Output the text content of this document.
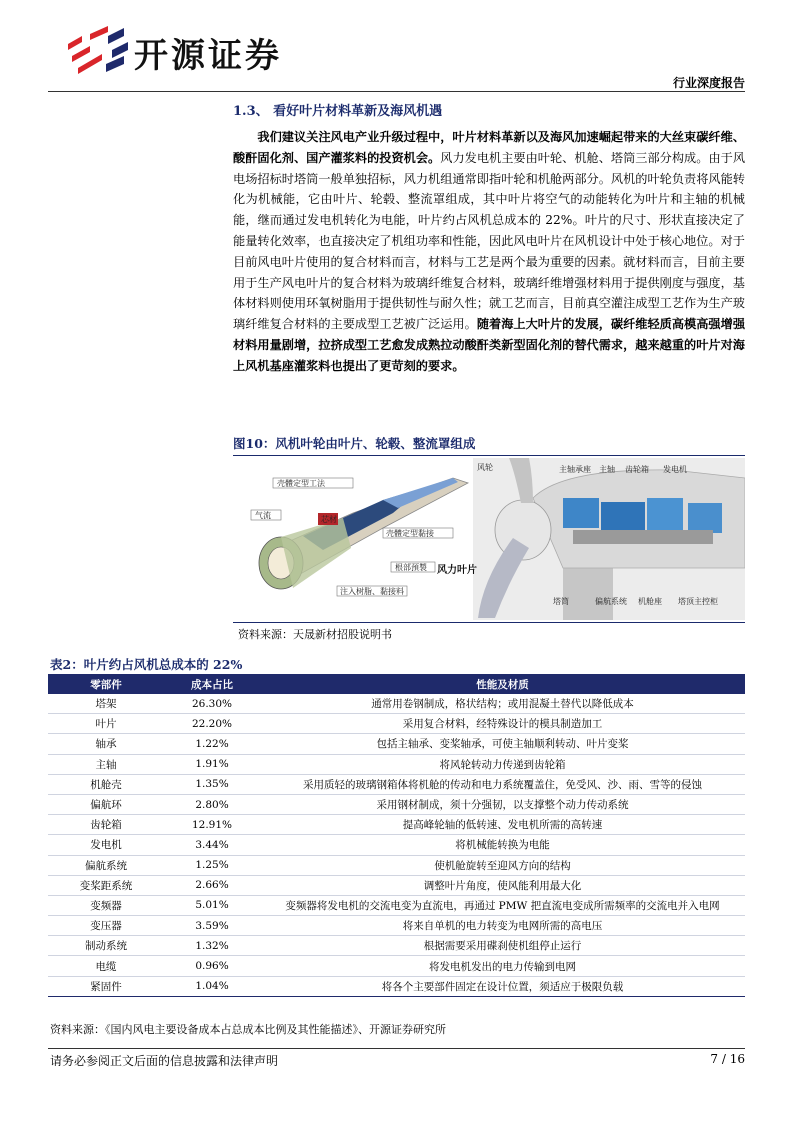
开源证券
行业深度报告
1.3、 看好叶片材料革新及海风机遇
我们建议关注风电产业升级过程中，叶片材料革新以及海风加速崛起带来的大丝束碳纤维、酸酐固化剂、国产灌浆料的投资机会。风力发电机主要由叶轮、机舱、塔筒三部分构成。由于风电场招标时塔筒一般单独招标，风力机组通常即指叶轮和机舱两部分。风机的叶轮负责将风能转化为机械能，它由叶片、轮毂、整流罩组成，其中叶片将空气的动能转化为叶片和主轴的机械能，继而通过发电机转化为电能，叶片约占风机总成本的 22%。叶片的尺寸、形状直接决定了能量转化效率，也直接决定了机组功率和性能，因此风电叶片在风机设计中处于核心地位。对于目前风电叶片使用的复合材料而言，材料与工艺是两个最为重要的因素。就材料而言，目前主要用于生产风电叶片的复合材料为玻璃纤维复合材料，玻璃纤维增强材料用于提供刚度与强度，基体材料则使用环氧树脂用于提供韧性与耐久性；就工艺而言，目前真空灌注成型工艺作为生产玻璃纤维复合材料的主要成型工艺被广泛运用。随着海上大叶片的发展，碳纤维轻质高模高强增强材料用量剧增，拉挤成型工艺愈发成熟拉动酸酐类新型固化剂的替代需求，越来越重的叶片对海上风机基座灌浆料也提出了更苛刻的要求。
图10：风机叶轮由叶片、轮毂、整流罩组成
壳體定型工法
芯材
气流
壳體定型黏接
根部預製
注入树脂、黏接料
风轮	主轴承座 主轴 齿轮箱 发电机
风力叶片
塔筒	偏航系统 机舱座 塔顶主控柜
资料来源：天晟新材招股说明书
表2：叶片约占风机总成本的 22%
零部件	成本占比	性能及材质
塔架	26.30%	通常用卷钢制成，格状结构；或用混凝土替代以降低成本
叶片	22.20%	采用复合材料，经特殊设计的模具制造加工
轴承	1.22%	包括主轴承、变桨轴承，可使主轴顺利转动、叶片变桨
主轴	1.91%	将风轮转动力传递到齿轮箱
机舱壳	1.35%	采用质轻的玻璃钢箱体将机舱的传动和电力系统覆盖住，免受风、沙、雨、雪等的侵蚀
偏航环	2.80%	采用钢材制成，须十分强韧，以支撑整个动力传动系统
齿轮箱	12.91%	提高峰轮轴的低转速、发电机所需的高转速
发电机	3.44%	将机械能转换为电能
偏航系统	1.25%	使机舱旋转至迎风方向的结构
变桨距系统	2.66%	调整叶片角度，使风能利用最大化
变频器	5.01%	变频器将发电机的交流电变为直流电，再通过 PMW 把直流电变成所需频率的交流电并入电网
变压器	3.59%	将来自单机的电力转变为电网所需的高电压
制动系统	1.32%	根据需要采用碟刹使机组停止运行
电缆	0.96%	将发电机发出的电力传输到电网
紧固件	1.04%	将各个主要部件固定在设计位置，须适应于极限负载
资料来源：《国内风电主要设备成本占总成本比例及其性能描述》、开源证券研究所
请务必参阅正文后面的信息披露和法律声明	7 / 16
